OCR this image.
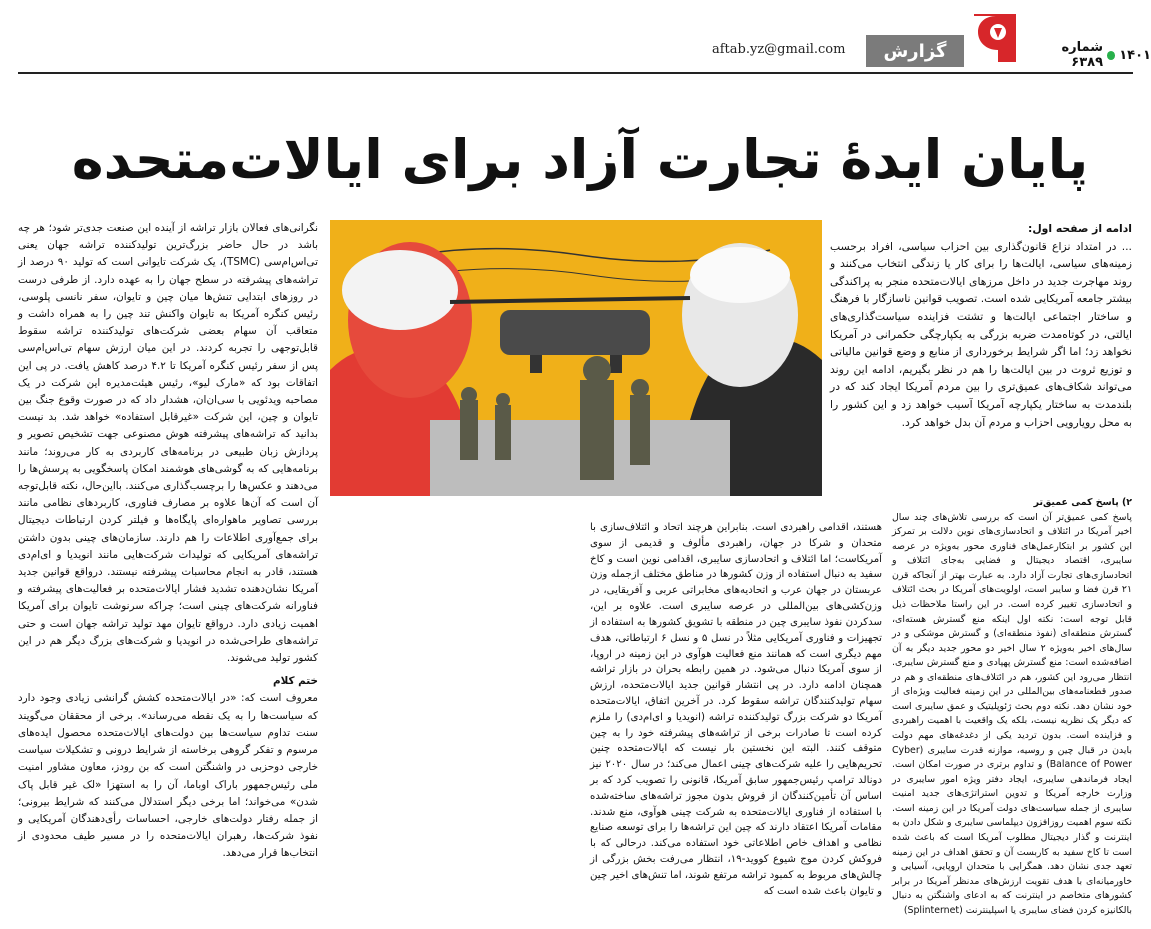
گزارش	۱۴۰۱
شماره ۶۳۸۹
aftab.yz@gmail.com
پایان ایدۀ تجارت آزاد برای ایالات‌متحده

ادامه از صفحه اول:

... در امتداد نزاع قانون‌گذاری بین احزاب سیاسی، افراد برحسب زمینه‌های سیاسی، ایالت‌ها را برای کار یا زندگی انتخاب می‌کنند و روند مهاجرت جدید در داخل مرزهای ایالات‌متحده منجر به پراکندگی بیشتر جامعه آمریکایی شده است. تصویب قوانین ناسازگار با فرهنگ و ساختار اجتماعی ایالت‌ها و تشتت فزاینده سیاست‌گذاری‌های ایالتی، در کوتاه‌مدت ضربه بزرگی به یکپارچگی حکمرانی در آمریکا نخواهد زد؛ اما اگر شرایط برخورداری از منابع و وضع قوانین مالیاتی و توزیع ثروت در بین ایالت‌ها را هم در نظر بگیریم، ادامه این روند می‌تواند شکاف‌های عمیق‌تری را بین مردم آمریکا ایجاد کند که در بلندمدت به ساختار یکپارچه آمریکا آسیب خواهد زد و این کشور را به محل رویارویی احزاب و مردم آن بدل خواهد کرد.

هستند، اقدامی راهبردی است. بنابراین هرچند اتحاد و ائتلاف‌سازی با متحدان و شرکا در جهان، راهبردی مألوف و قدیمی از سوی آمریکاست؛ اما ائتلاف و اتحادسازی سایبری، اقدامی نوین است و کاخ سفید به دنبال استفاده از وزن کشورها در مناطق مختلف ازجمله وزن عربستان در جهان عرب و اتحادیه‌های مخابراتی عربی و آفریقایی، در وزن‌کشی‌های بین‌المللی در عرصه سایبری است. علاوه بر این، سدکردن نفوذ سایبری چین در منطقه با تشویق کشورها به استفاده از تجهیزات و فناوری آمریکایی مثلاً در نسل ۵ و نسل ۶ ارتباطاتی، هدف مهم دیگری است که همانند منع فعالیت هوآوی در این زمینه در اروپا، از سوی آمریکا دنبال می‌شود. در همین رابطه بحران در بازار تراشه همچنان ادامه دارد. در پی انتشار قوانین جدید ایالات‌متحده، ارزش سهام تولیدکنندگان تراشه سقوط کرد. در آخرین اتفاق، ایالات‌متحده آمریکا دو شرکت بزرگ تولیدکننده تراشه (انویدیا و ای‌ام‌دی) را ملزم کرده است تا صادرات برخی از تراشه‌های پیشرفته خود را به چین متوقف کنند. البته این نخستین بار نیست که ایالات‌متحده چنین تحریم‌هایی را علیه شرکت‌های چینی اعمال می‌کند؛ در سال ۲۰۲۰ نیز دونالد ترامپ رئیس‌جمهور سابق آمریکا، قانونی را تصویب کرد که بر اساس آن تأمین‌کنندگان از فروش بدون مجوز تراشه‌های ساخته‌شده با استفاده از فناوری ایالات‌متحده به شرکت چینی هوآوی، منع شدند. مقامات آمریکا اعتقاد دارند که چین این تراشه‌ها را برای توسعه صنایع نظامی و اهداف خاص اطلاعاتی خود استفاده می‌کند. درحالی که با فروکش کردن موج شیوع کووید-۱۹، انتظار می‌رفت بخش بزرگی از چالش‌های مربوط به کمبود تراشه مرتفع شوند، اما تنش‌های اخیر چین و تایوان باعث شده است که

۲) پاسخ کمی عمیق‌تر

پاسخ کمی عمیق‌تر آن است که بررسی تلاش‌های چند سال اخیر آمریکا در ائتلاف و اتحادسازی‌های نوین دلالت بر تمرکز این کشور بر ابتکارعمل‌های فناوری محور به‌ویژه در عرصه سایبری، اقتصاد دیجیتال و فضایی به‌جای ائتلاف و اتحادسازی‌های تجارت آزاد دارد. به عبارت بهتر از آنجاکه قرن ۲۱ قرن فضا و سایبر است، اولویت‌های آمریکا در بحث ائتلاف و اتحادسازی تغییر کرده است. در این راستا ملاحظات ذیل قابل توجه است: نکته اول اینکه منع گسترش هسته‌ای، گسترش منطقه‌ای (نفوذ منطقه‌ای) و گسترش موشکی و در سال‌های اخیر به‌ویژه ۲ سال اخیر دو محور جدید دیگر به آن اضافه‌شده است: منع گسترش پهپادی و منع گسترش سایبری. انتظار می‌رود این کشور، هم در ائتلاف‌های منطقه‌ای و هم در صدور قطعنامه‌های بین‌المللی در این زمینه فعالیت ویژه‌ای از خود نشان دهد. نکته دوم بحث ژئوپلیتیک و عمق سایبری است که دیگر یک نظریه نیست، بلکه یک واقعیت با اهمیت راهبردی و فزاینده است. بدون تردید یکی از دغدغه‌های مهم دولت بایدن در قبال چین و روسیه، موازنه قدرت سایبری (Cyber Balance of Power) و تداوم برتری در صورت امکان است. ایجاد فرماندهی سایبری، ایجاد دفتر ویژه امور سایبری در وزارت خارجه آمریکا و تدوین استراتژی‌های جدید امنیت سایبری از جمله سیاست‌های دولت آمریکا در این زمینه است. نکته سوم اهمیت روزافزون دیپلماسی سایبری و شکل دادن به اینترنت و گذار دیجیتال مطلوب آمریکا است که باعث شده است تا کاخ سفید به کاربست آن و تحقق اهداف در این زمینه تعهد جدی نشان دهد. همگرایی با متحدان اروپایی، آسیایی و خاورمیانه‌ای با هدف تقویت ارزش‌های مدنظر آمریکا در برابر کشورهای متخاصم در اینترنت که به ادعای واشنگتن به دنبال بالکانیزه کردن فضای سایبری یا اسپلینترنت (Splinternet)

نگرانی‌های فعالان بازار تراشه از آینده این صنعت جدی‌تر شود؛ هر چه باشد در حال حاضر بزرگ‌ترین تولیدکننده تراشه جهان یعنی تی‌اس‌ام‌سی (TSMC)، یک شرکت تایوانی است که تولید ۹۰ درصد از تراشه‌های پیشرفته در سطح جهان را به عهده دارد. از طرفی درست در روزهای ابتدایی تنش‌ها میان چین و تایوان، سفر نانسی پلوسی، رئیس کنگره آمریکا به تایوان واکنش تند چین را به همراه داشت و متعاقب آن سهام بعضی شرکت‌های تولیدکننده تراشه سقوط قابل‌توجهی را تجربه کردند. در این میان ارزش سهام تی‌اس‌ام‌سی پس از سفر رئیس کنگره آمریکا تا ۴.۲ درصد کاهش یافت. در پی این اتفاقات بود که «مارک لیو»، رئیس هیئت‌مدیره این شرکت در یک مصاحبه ویدئویی با سی‌ان‌ان، هشدار داد که در صورت وقوع جنگ بین تایوان و چین، این شرکت «غیرقابل استفاده» خواهد شد. بد نیست بدانید که تراشه‌های پیشرفته هوش مصنوعی جهت تشخیص تصویر و پردازش زبان طبیعی در برنامه‌های کاربردی به کار می‌روند؛ مانند برنامه‌هایی که به گوشی‌های هوشمند امکان پاسخگویی به پرسش‌ها را می‌دهند و عکس‌ها را برچسب‌گذاری می‌کنند. بااین‌حال، نکته قابل‌توجه آن است که آن‌ها علاوه بر مصارف فناوری، کاربردهای نظامی مانند بررسی تصاویر ماهواره‌ای پایگاه‌ها و فیلتر کردن ارتباطات دیجیتال برای جمع‌آوری اطلاعات را هم دارند. سازمان‌های چینی بدون داشتن تراشه‌های آمریکایی که تولیدات شرکت‌هایی مانند انویدیا و ای‌ام‌دی هستند، قادر به انجام محاسبات پیشرفته نیستند. درواقع قوانین جدید آمریکا نشان‌دهنده تشدید فشار ایالات‌متحده بر فعالیت‌های پیشرفته و فناورانه شرکت‌های چینی است؛ چراکه سرنوشت تایوان برای آمریکا اهمیت زیادی دارد. درواقع تایوان مهد تولید تراشه جهان است و حتی تراشه‌های طراحی‌شده در انویدیا و شرکت‌های بزرگ دیگر هم در این کشور تولید می‌شوند.

ختم کلام

معروف است که: «در ایالات‌متحده کشش گرانشی زیادی وجود دارد که سیاست‌ها را به یک نقطه می‌رساند». برخی از محققان می‌گویند سنت تداوم سیاست‌ها بین دولت‌های ایالات‌متحده محصول ایده‌های مرسوم و تفکر گروهی برخاسته از شرایط درونی و تشکیلات سیاست خارجی دوحزبی در واشنگتن است که بن رودز، معاون مشاور امنیت ملی رئیس‌جمهور باراک اوباما، آن را به استهزا «لک غیر قابل پاک شدن» می‌خواند؛ اما برخی دیگر استدلال می‌کنند که شرایط بیرونی؛ از جمله رفتار دولت‌های خارجی، احساسات رأی‌دهندگان آمریکایی و نفوذ شرکت‌ها، رهبران ایالات‌متحده را در مسیر طیف محدودی از انتخاب‌ها قرار می‌دهد.
